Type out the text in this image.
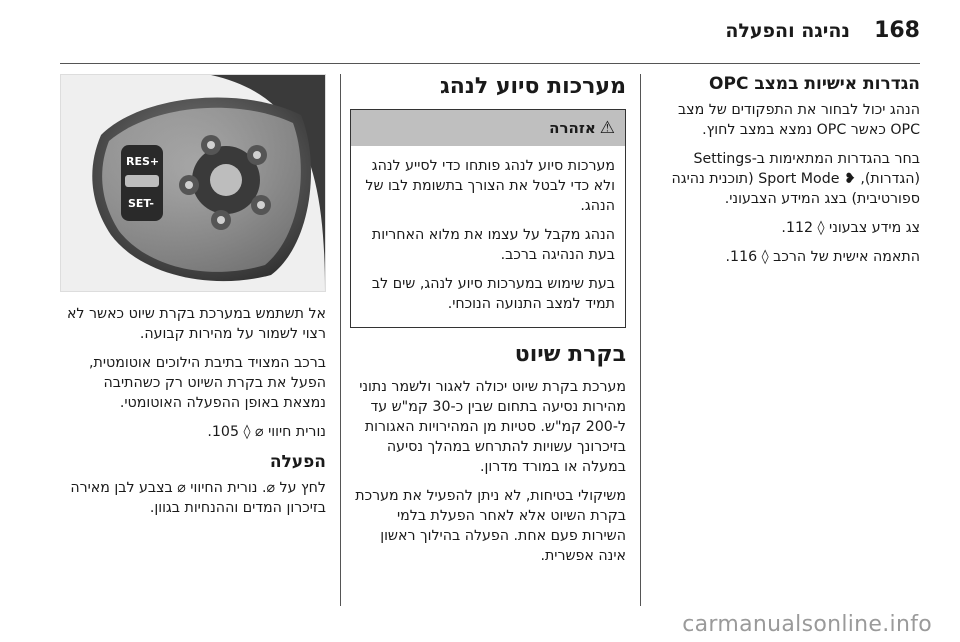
168
נהיגה והפעלה
הגדרות אישיות במצב OPC

הנהג יכול לבחור את התפקודים של מצב OPC כאשר OPC נמצא במצב לחוץ.

בחר בהגדרות המתאימות ב-Settings (הגדרות), ❥ Sport Mode (תוכנית נהיגה ספורטיבית) בצג המידע הצבעוני.

צג מידע צבעוני ◊ 112.

התאמה אישית של הרכב ◊ 116.

מערכות סיוע לנהג
⚠
אזהרה

מערכות סיוע לנהג פותחו כדי לסייע לנהג ולא כדי לבטל את הצורך בתשומת לבו של הנהג.

הנהג מקבל על עצמו את מלוא האחריות בעת הנהיגה ברכב.

בעת שימוש במערכות סיוע לנהג, שים לב תמיד למצב התנועה הנוכחי.

בקרת שיוט

מערכת בקרת שיוט יכולה לאגור ולשמר נתוני מהירות נסיעה בתחום שבין כ-30 קמ"ש עד ל-200 קמ"ש. סטיות מן המהירויות האגורות בזיכרונך עשויות להתרחש במהלך נסיעה במעלה או במורד מדרון.

משיקולי בטיחות, לא ניתן להפעיל את מערכת בקרת השיוט אלא לאחר הפעלת בלמי השירות פעם אחת. הפעלה בהילוך ראשון אינה אפשרית.

RES+
SET-

אל תשתמש במערכת בקרת שיוט כאשר לא רצוי לשמור על מהירות קבועה.

ברכב המצויד בתיבת הילוכים אוטומטית, הפעל את בקרת השיוט רק כשהתיבה נמצאת באופן ההפעלה האוטומטי.

נורית חיווי ⌀ ◊ 105.

הפעלה

לחץ על ⌀. נורית החיווי ⌀ בצבע לבן מאירה בזיכרון המדים וההנחיות בגוון.

carmanualsonline.info
